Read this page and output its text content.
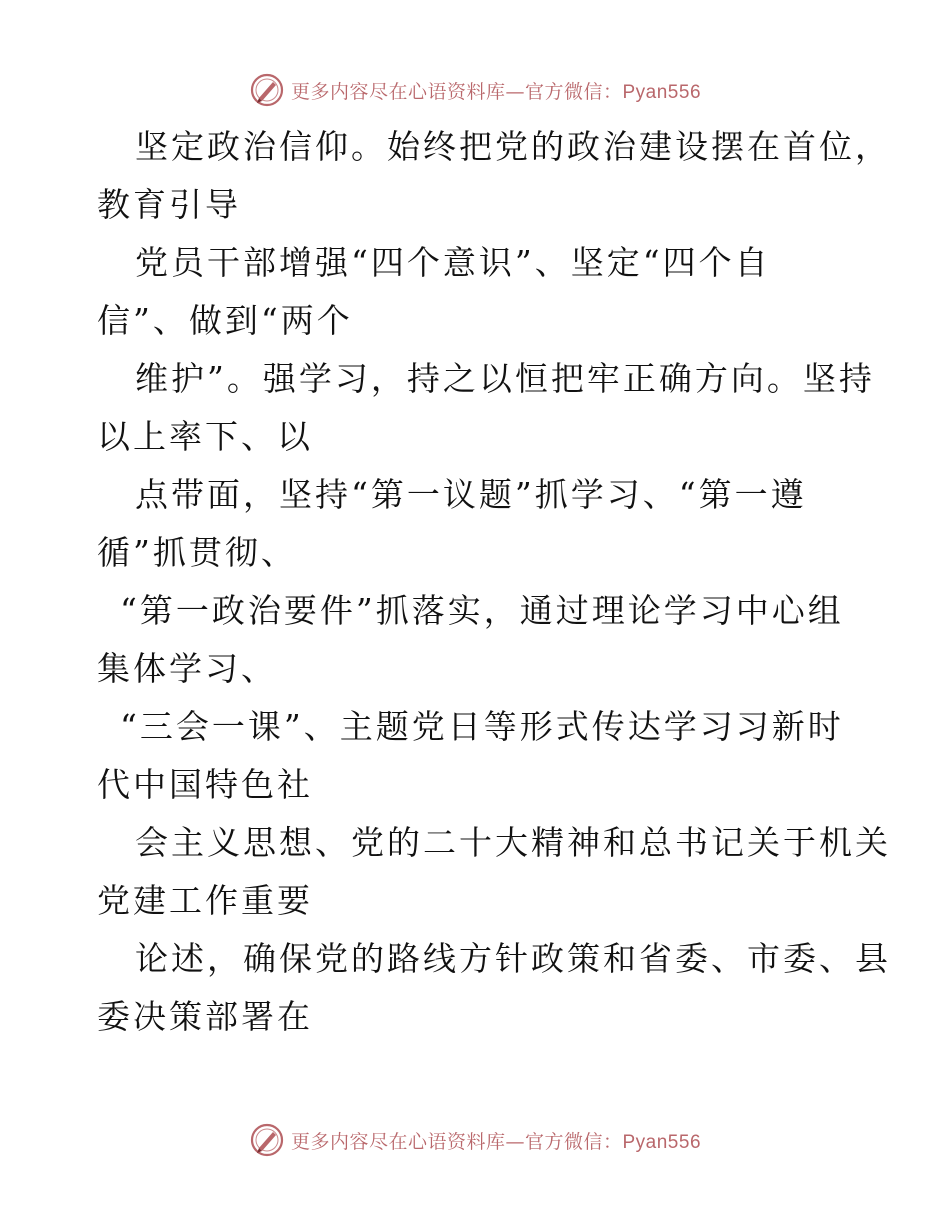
更多内容尽在心语资料库—官方微信：Pyan556
坚定政治信仰。始终把党的政治建设摆在首位，
教育引导
党员干部增强“四个意识”、坚定“四个自
信”、做到“两个
维护”。强学习，持之以恒把牢正确方向。坚持
以上率下、以
点带面，坚持“第一议题”抓学习、“第一遵
循”抓贯彻、
“第一政治要件”抓落实，通过理论学习中心组
集体学习、
“三会一课”、主题党日等形式传达学习习新时
代中国特色社
会主义思想、党的二十大精神和总书记关于机关
党建工作重要
论述，确保党的路线方针政策和省委、市委、县
委决策部署在
更多内容尽在心语资料库—官方微信：Pyan556
